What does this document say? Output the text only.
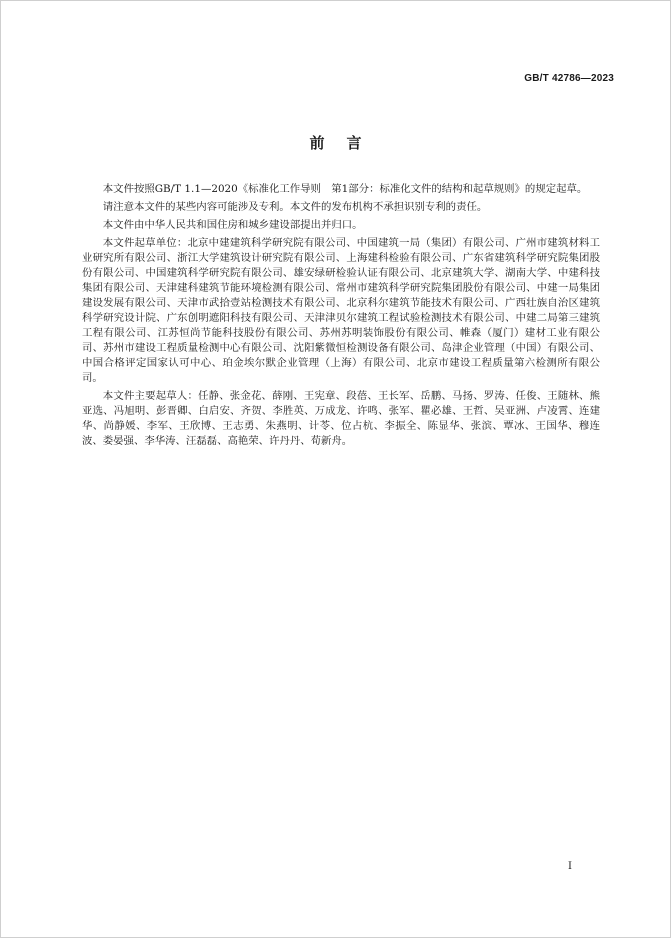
GB/T 42786—2023
前言

本文件按照GB/T 1.1—2020《标准化工作导则　第1部分：标准化文件的结构和起草规则》的规定起草。

请注意本文件的某些内容可能涉及专利。本文件的发布机构不承担识别专利的责任。

本文件由中华人民共和国住房和城乡建设部提出并归口。

本文件起草单位：北京中建建筑科学研究院有限公司、中国建筑一局（集团）有限公司、广州市建筑材料工业研究所有限公司、浙江大学建筑设计研究院有限公司、上海建科检验有限公司、广东省建筑科学研究院集团股份有限公司、中国建筑科学研究院有限公司、雄安绿研检验认证有限公司、北京建筑大学、湖南大学、中建科技集团有限公司、天津建科建筑节能环境检测有限公司、常州市建筑科学研究院集团股份有限公司、中建一局集团建设发展有限公司、天津市武拾壹站检测技术有限公司、北京科尔建筑节能技术有限公司、广西壮族自治区建筑科学研究设计院、广东创明遮阳科技有限公司、天津津贝尔建筑工程试验检测技术有限公司、中建二局第三建筑工程有限公司、江苏恒尚节能科技股份有限公司、苏州苏明装饰股份有限公司、帷森（厦门）建材工业有限公司、苏州市建设工程质量检测中心有限公司、沈阳紫微恒检测设备有限公司、岛津企业管理（中国）有限公司、中国合格评定国家认可中心、珀金埃尔默企业管理（上海）有限公司、北京市建设工程质量第六检测所有限公司。

本文件主要起草人：任静、张金花、薛刚、王宪章、段蓓、王长军、岳鹏、马扬、罗涛、任俊、王随林、熊亚选、冯旭明、彭晋卿、白启安、齐贺、李胜英、万成龙、许鸣、张军、瞿必雄、王哲、吴亚洲、卢凌霄、连建华、尚静媛、李军、王欣博、王志勇、朱燕明、计苓、位占杭、李振全、陈显华、张滨、覃冰、王国华、穆连波、娄晏强、李华涛、汪磊磊、高艳荣、许丹丹、荀新舟。

I
